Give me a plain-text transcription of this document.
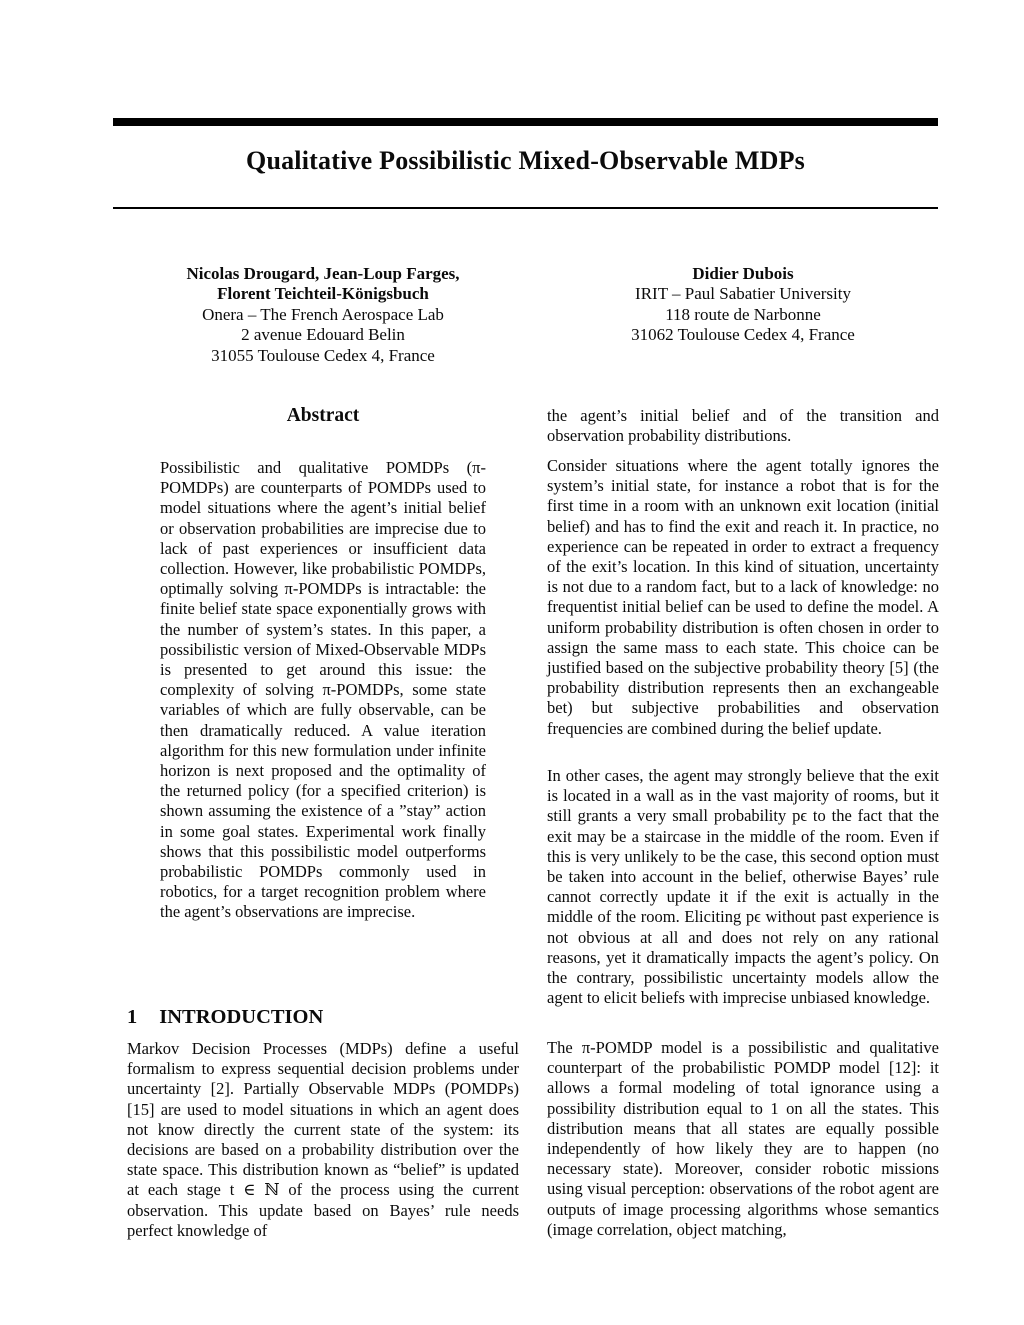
Qualitative Possibilistic Mixed-Observable MDPs
Nicolas Drougard, Jean-Loup Farges,
Florent Teichteil-Königsbuch
Onera – The French Aerospace Lab
2 avenue Edouard Belin
31055 Toulouse Cedex 4, France
Didier Dubois
IRIT – Paul Sabatier University
118 route de Narbonne
31062 Toulouse Cedex 4, France
Abstract

Possibilistic and qualitative POMDPs (π-POMDPs) are counterparts of POMDPs used to model situations where the agent’s initial belief or observation probabilities are imprecise due to lack of past experiences or insufficient data collection. However, like probabilistic POMDPs, optimally solving π-POMDPs is intractable: the finite belief state space exponentially grows with the number of system’s states. In this paper, a possibilistic version of Mixed-Observable MDPs is presented to get around this issue: the complexity of solving π-POMDPs, some state variables of which are fully observable, can be then dramatically reduced. A value iteration algorithm for this new formulation under infinite horizon is next proposed and the optimality of the returned policy (for a specified criterion) is shown assuming the existence of a ”stay” action in some goal states. Experimental work finally shows that this possibilistic model outperforms probabilistic POMDPs commonly used in robotics, for a target recognition problem where the agent’s observations are imprecise.

1 INTRODUCTION

Markov Decision Processes (MDPs) define a useful formalism to express sequential decision problems under uncertainty [2]. Partially Observable MDPs (POMDPs) [15] are used to model situations in which an agent does not know directly the current state of the system: its decisions are based on a probability distribution over the state space. This distribution known as “belief” is updated at each stage t ∈ ℕ of the process using the current observation. This update based on Bayes’ rule needs perfect knowledge of

the agent’s initial belief and of the transition and observation probability distributions.

Consider situations where the agent totally ignores the system’s initial state, for instance a robot that is for the first time in a room with an unknown exit location (initial belief) and has to find the exit and reach it. In practice, no experience can be repeated in order to extract a frequency of the exit’s location. In this kind of situation, uncertainty is not due to a random fact, but to a lack of knowledge: no frequentist initial belief can be used to define the model. A uniform probability distribution is often chosen in order to assign the same mass to each state. This choice can be justified based on the subjective probability theory [5] (the probability distribution represents then an exchangeable bet) but subjective probabilities and observation frequencies are combined during the belief update.

In other cases, the agent may strongly believe that the exit is located in a wall as in the vast majority of rooms, but it still grants a very small probability pϵ to the fact that the exit may be a staircase in the middle of the room. Even if this is very unlikely to be the case, this second option must be taken into account in the belief, otherwise Bayes’ rule cannot correctly update it if the exit is actually in the middle of the room. Eliciting pϵ without past experience is not obvious at all and does not rely on any rational reasons, yet it dramatically impacts the agent’s policy. On the contrary, possibilistic uncertainty models allow the agent to elicit beliefs with imprecise unbiased knowledge.

The π-POMDP model is a possibilistic and qualitative counterpart of the probabilistic POMDP model [12]: it allows a formal modeling of total ignorance using a possibility distribution equal to 1 on all the states. This distribution means that all states are equally possible independently of how likely they are to happen (no necessary state). Moreover, consider robotic missions using visual perception: observations of the robot agent are outputs of image processing algorithms whose semantics (image correlation, object matching,
